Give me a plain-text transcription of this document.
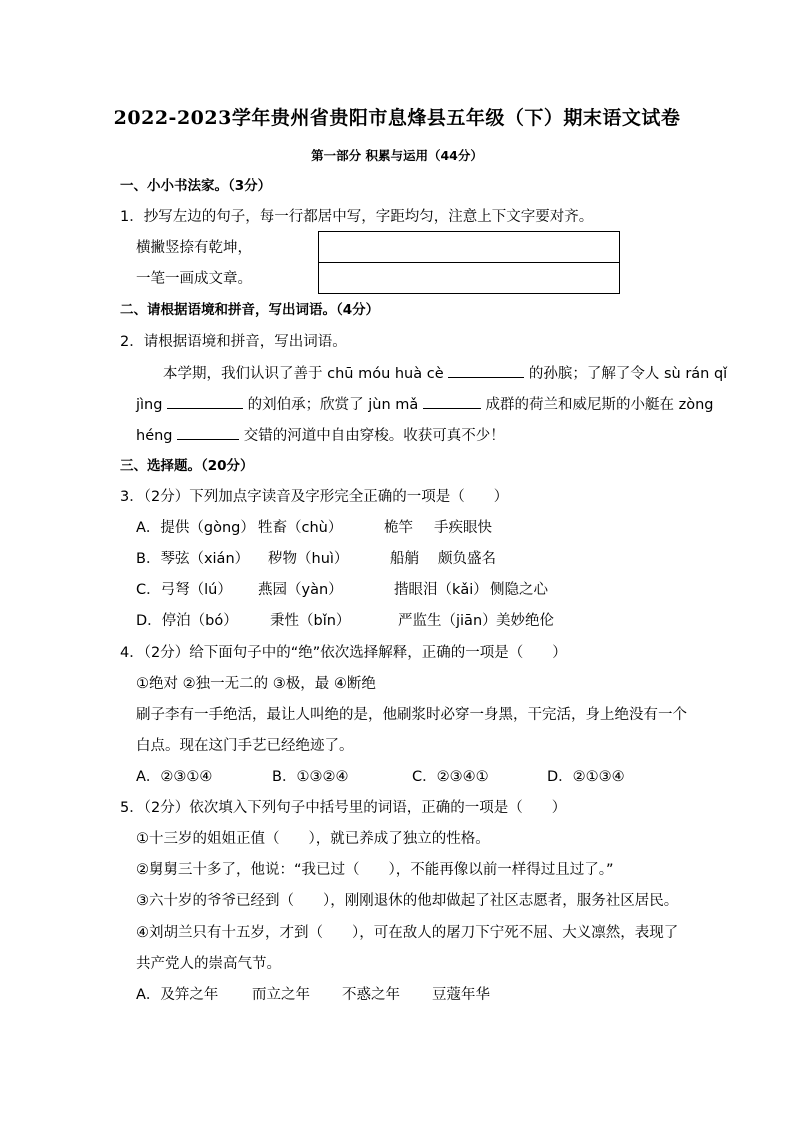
2022-2023学年贵州省贵阳市息烽县五年级（下）期末语文试卷
第一部分 积累与运用（44分）
一、小小书法家。（3分）
1．抄写左边的句子，每一行都居中写，字距均匀，注意上下文字要对齐。
横撇竖捺有乾坤，
一笔一画成文章。
二、请根据语境和拼音，写出词语。（4分）
2．请根据语境和拼音，写出词语。
本学期，我们认识了善于 chū móu huà cè	的孙膑；了解了令人 sù rán qǐ
jìng	的刘伯承；欣赏了 jùn mǎ	成群的荷兰和威尼斯的小艇在 zòng
héng	交错的河道中自由穿梭。收获可真不少！
三、选择题。（20分）
3．（2分）下列加点字读音及字形完全正确的一项是（　　）
A．提供（gòng） 牲畜（chù）	桅竿 手疾眼快
B．琴弦（xián） 秽物（huì）	船艄 颇负盛名
C．弓弩（lú） 燕园（yàn）	揩眼泪（kǎi） 侧隐之心
D．停泊（bó） 秉性（bǐn）	严监生（jiān）美妙绝伦
4．（2分）给下面句子中的“绝”依次选择解释，正确的一项是（　　）
①绝对 ②独一无二的 ③极，最 ④断绝
刷子李有一手绝活，最让人叫绝的是，他刷浆时必穿一身黑，干完活，身上绝没有一个
白点。现在这门手艺已经绝迹了。
A．②③①④	B．①③②④	C．②③④①	D．②①③④
5．（2分）依次填入下列句子中括号里的词语，正确的一项是（　　）
①十三岁的姐姐正值（　　），就已养成了独立的性格。
②舅舅三十多了，他说：“我已过（　　），不能再像以前一样得过且过了。”
③六十岁的爷爷已经到（　　），刚刚退休的他却做起了社区志愿者，服务社区居民。
④刘胡兰只有十五岁，才到（　　），可在敌人的屠刀下宁死不屈、大义凛然，表现了
共产党人的崇高气节。
A．及笄之年 而立之年 不惑之年 豆蔻年华
